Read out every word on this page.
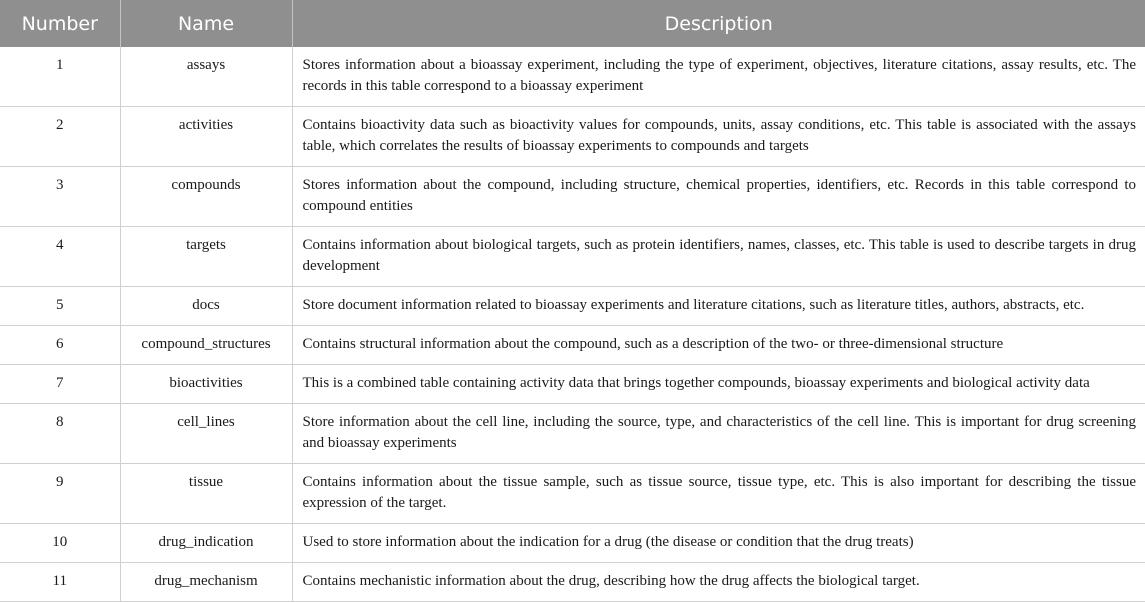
Number	Name	Description
1	assays	Stores information about a bioassay experiment, including the type of experiment, objectives, literature citations, assay results, etc. The records in this table correspond to a bioassay experiment
2	activities	Contains bioactivity data such as bioactivity values for compounds, units, assay conditions, etc. This table is associated with the assays table, which correlates the results of bioassay experiments to compounds and targets
3	compounds	Stores information about the compound, including structure, chemical properties, identifiers, etc. Records in this table correspond to compound entities
4	targets	Contains information about biological targets, such as protein identifiers, names, classes, etc. This table is used to describe targets in drug development
5	docs	Store document information related to bioassay experiments and literature citations, such as literature titles, authors, abstracts, etc.
6	compound_structures	Contains structural information about the compound, such as a description of the two- or three-dimensional structure
7	bioactivities	This is a combined table containing activity data that brings together compounds, bioassay experiments and biological activity data
8	cell_lines	Store information about the cell line, including the source, type, and characteristics of the cell line. This is important for drug screening and bioassay experiments
9	tissue	Contains information about the tissue sample, such as tissue source, tissue type, etc. This is also important for describing the tissue expression of the target.
10	drug_indication	Used to store information about the indication for a drug (the disease or condition that the drug treats)
11	drug_mechanism	Contains mechanistic information about the drug, describing how the drug affects the biological target.
